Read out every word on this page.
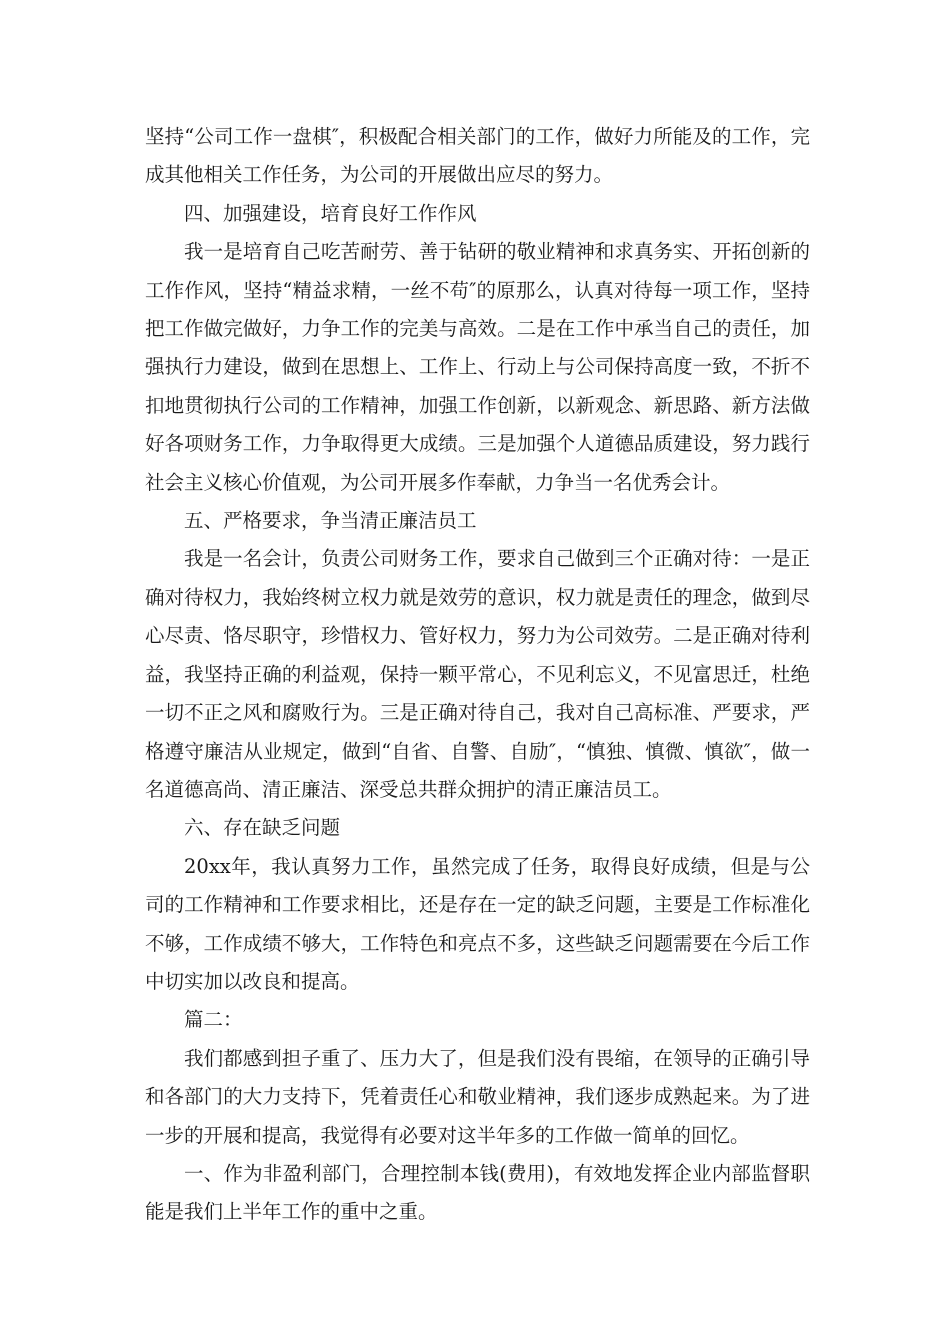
坚持“公司工作一盘棋″，积极配合相关部门的工作，做好力所能及的工作，完成其他相关工作任务，为公司的开展做出应尽的努力。

四、加强建设，培育良好工作作风

我一是培育自己吃苦耐劳、善于钻研的敬业精神和求真务实、开拓创新的工作作风，坚持“精益求精，一丝不苟″的原那么，认真对待每一项工作，坚持把工作做完做好，力争工作的完美与高效。二是在工作中承当自己的责任，加强执行力建设，做到在思想上、工作上、行动上与公司保持高度一致，不折不扣地贯彻执行公司的工作精神，加强工作创新，以新观念、新思路、新方法做好各项财务工作，力争取得更大成绩。三是加强个人道德品质建设，努力践行社会主义核心价值观，为公司开展多作奉献，力争当一名优秀会计。

五、严格要求，争当清正廉洁员工

我是一名会计，负责公司财务工作，要求自己做到三个正确对待：一是正确对待权力，我始终树立权力就是效劳的意识，权力就是责任的理念，做到尽心尽责、恪尽职守，珍惜权力、管好权力，努力为公司效劳。二是正确对待利益，我坚持正确的利益观，保持一颗平常心，不见利忘义，不见富思迁，杜绝一切不正之风和腐败行为。三是正确对待自己，我对自己高标准、严要求，严格遵守廉洁从业规定，做到“自省、自警、自励″，“慎独、慎微、慎欲″，做一名道德高尚、清正廉洁、深受总共群众拥护的清正廉洁员工。

六、存在缺乏问题

20xx年，我认真努力工作，虽然完成了任务，取得良好成绩，但是与公司的工作精神和工作要求相比，还是存在一定的缺乏问题，主要是工作标准化不够，工作成绩不够大，工作特色和亮点不多，这些缺乏问题需要在今后工作中切实加以改良和提高。

篇二：

我们都感到担子重了、压力大了，但是我们没有畏缩，在领导的正确引导和各部门的大力支持下，凭着责任心和敬业精神，我们逐步成熟起来。为了进一步的开展和提高，我觉得有必要对这半年多的工作做一简单的回忆。

一、作为非盈利部门，合理控制本钱(费用)，有效地发挥企业内部监督职能是我们上半年工作的重中之重。
